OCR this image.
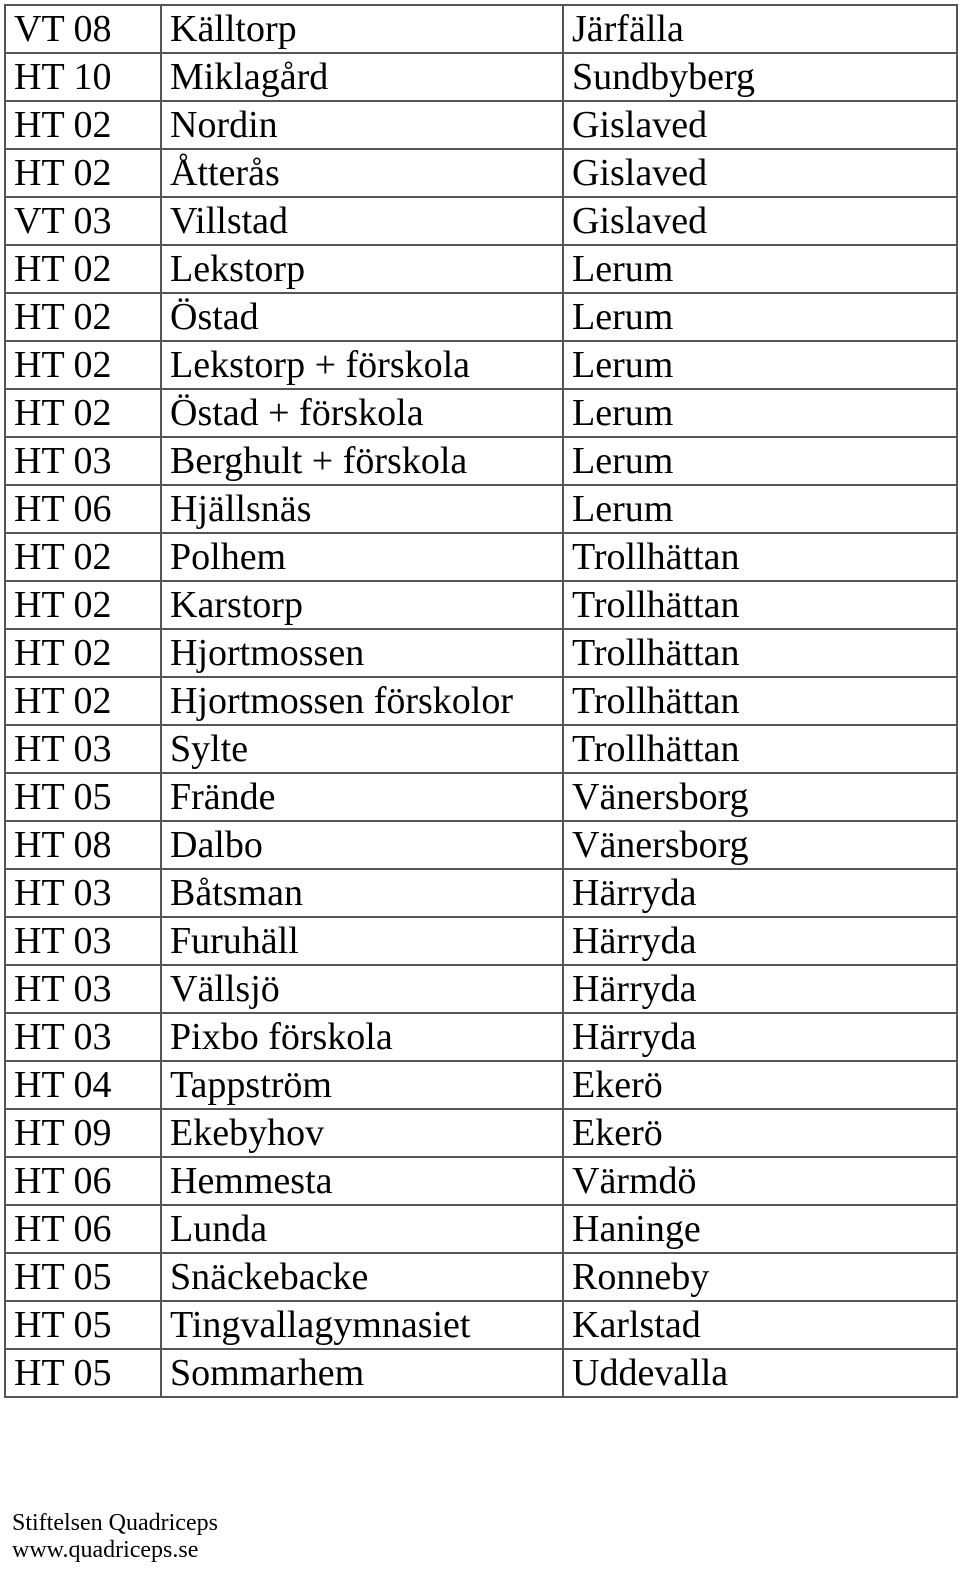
VT 08	Källtorp	Järfälla
HT 10	Miklagård	Sundbyberg
HT 02	Nordin	Gislaved
HT 02	Åtterås	Gislaved
VT 03	Villstad	Gislaved
HT 02	Lekstorp	Lerum
HT 02	Östad	Lerum
HT 02	Lekstorp + förskola	Lerum
HT 02	Östad + förskola	Lerum
HT 03	Berghult + förskola	Lerum
HT 06	Hjällsnäs	Lerum
HT 02	Polhem	Trollhättan
HT 02	Karstorp	Trollhättan
HT 02	Hjortmossen	Trollhättan
HT 02	Hjortmossen förskolor	Trollhättan
HT 03	Sylte	Trollhättan
HT 05	Frände	Vänersborg
HT 08	Dalbo	Vänersborg
HT 03	Båtsman	Härryda
HT 03	Furuhäll	Härryda
HT 03	Vällsjö	Härryda
HT 03	Pixbo förskola	Härryda
HT 04	Tappström	Ekerö
HT 09	Ekebyhov	Ekerö
HT 06	Hemmesta	Värmdö
HT 06	Lunda	Haninge
HT 05	Snäckebacke	Ronneby
HT 05	Tingvallagymnasiet	Karlstad
HT 05	Sommarhem	Uddevalla
Stiftelsen Quadriceps
www.quadriceps.se
